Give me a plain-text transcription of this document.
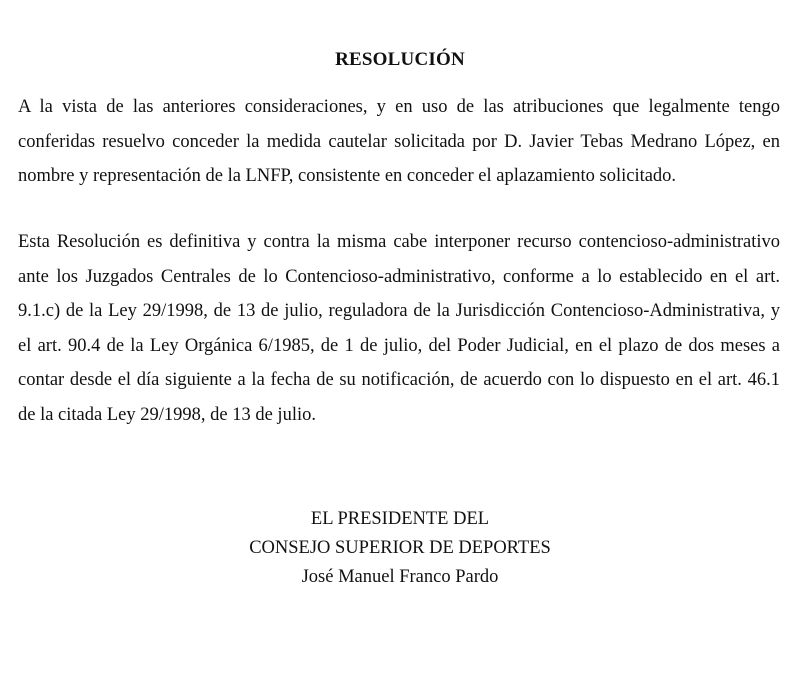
RESOLUCIÓN

A la vista de las anteriores consideraciones, y en uso de las atribuciones que legalmente tengo conferidas resuelvo conceder la medida cautelar solicitada por D. Javier Tebas Medrano López, en nombre y representación de la LNFP, consistente en conceder el aplazamiento solicitado.

Esta Resolución es definitiva y contra la misma cabe interponer recurso contencioso-administrativo ante los Juzgados Centrales de lo Contencioso-administrativo, conforme a lo establecido en el art. 9.1.c) de la Ley 29/1998, de 13 de julio, reguladora de la Jurisdicción Contencioso-Administrativa, y el art. 90.4 de la Ley Orgánica 6/1985, de 1 de julio, del Poder Judicial, en el plazo de dos meses a contar desde el día siguiente a la fecha de su notificación, de acuerdo con lo dispuesto en el art. 46.1 de la citada Ley 29/1998, de 13 de julio.

EL PRESIDENTE DEL
CONSEJO SUPERIOR DE DEPORTES
José Manuel Franco Pardo
